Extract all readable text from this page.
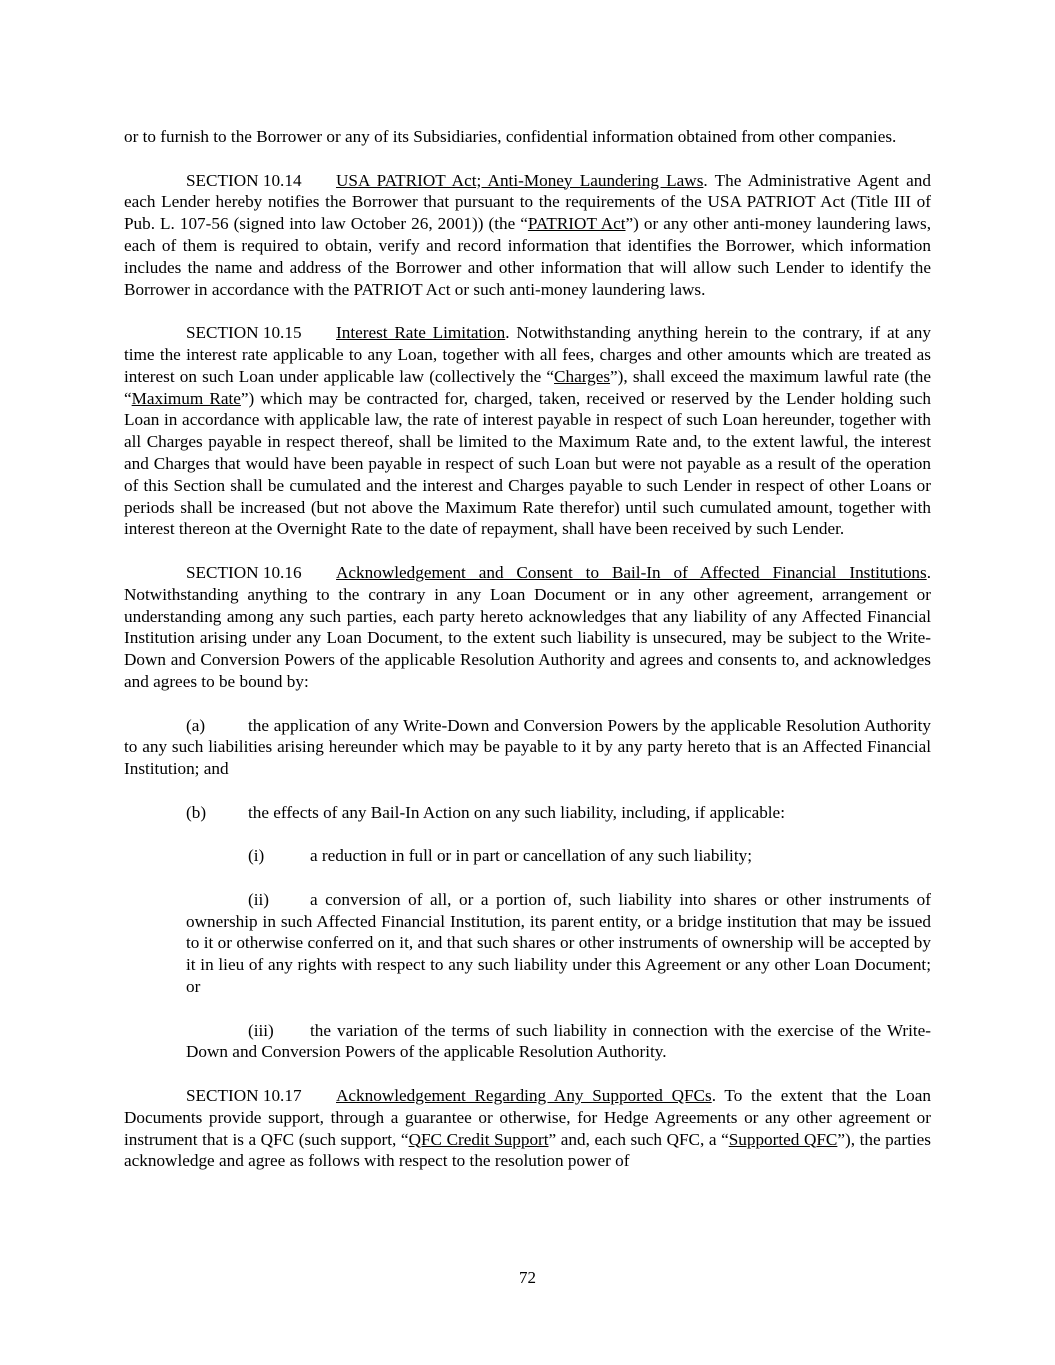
or to furnish to the Borrower or any of its Subsidiaries, confidential information obtained from other companies.

SECTION 10.14 USA PATRIOT Act; Anti-Money Laundering Laws. The Administrative Agent and each Lender hereby notifies the Borrower that pursuant to the requirements of the USA PATRIOT Act (Title III of Pub. L. 107-56 (signed into law October 26, 2001)) (the “PATRIOT Act”) or any other anti-money laundering laws, each of them is required to obtain, verify and record information that identifies the Borrower, which information includes the name and address of the Borrower and other information that will allow such Lender to identify the Borrower in accordance with the PATRIOT Act or such anti-money laundering laws.

SECTION 10.15 Interest Rate Limitation. Notwithstanding anything herein to the contrary, if at any time the interest rate applicable to any Loan, together with all fees, charges and other amounts which are treated as interest on such Loan under applicable law (collectively the “Charges”), shall exceed the maximum lawful rate (the “Maximum Rate”) which may be contracted for, charged, taken, received or reserved by the Lender holding such Loan in accordance with applicable law, the rate of interest payable in respect of such Loan hereunder, together with all Charges payable in respect thereof, shall be limited to the Maximum Rate and, to the extent lawful, the interest and Charges that would have been payable in respect of such Loan but were not payable as a result of the operation of this Section shall be cumulated and the interest and Charges payable to such Lender in respect of other Loans or periods shall be increased (but not above the Maximum Rate therefor) until such cumulated amount, together with interest thereon at the Overnight Rate to the date of repayment, shall have been received by such Lender.

SECTION 10.16 Acknowledgement and Consent to Bail-In of Affected Financial Institutions. Notwithstanding anything to the contrary in any Loan Document or in any other agreement, arrangement or understanding among any such parties, each party hereto acknowledges that any liability of any Affected Financial Institution arising under any Loan Document, to the extent such liability is unsecured, may be subject to the Write-Down and Conversion Powers of the applicable Resolution Authority and agrees and consents to, and acknowledges and agrees to be bound by:

(a) the application of any Write-Down and Conversion Powers by the applicable Resolution Authority to any such liabilities arising hereunder which may be payable to it by any party hereto that is an Affected Financial Institution; and

(b) the effects of any Bail-In Action on any such liability, including, if applicable:

(i)	a reduction in full or in part or cancellation of any such liability;

(ii) a conversion of all, or a portion of, such liability into shares or other instruments of ownership in such Affected Financial Institution, its parent entity, or a bridge institution that may be issued to it or otherwise conferred on it, and that such shares or other instruments of ownership will be accepted by it in lieu of any rights with respect to any such liability under this Agreement or any other Loan Document; or

(iii) the variation of the terms of such liability in connection with the exercise of the Write-Down and Conversion Powers of the applicable Resolution Authority.

SECTION 10.17 Acknowledgement Regarding Any Supported QFCs. To the extent that the Loan Documents provide support, through a guarantee or otherwise, for Hedge Agreements or any other agreement or instrument that is a QFC (such support, “QFC Credit Support” and, each such QFC, a “Supported QFC”), the parties acknowledge and agree as follows with respect to the resolution power of

72
